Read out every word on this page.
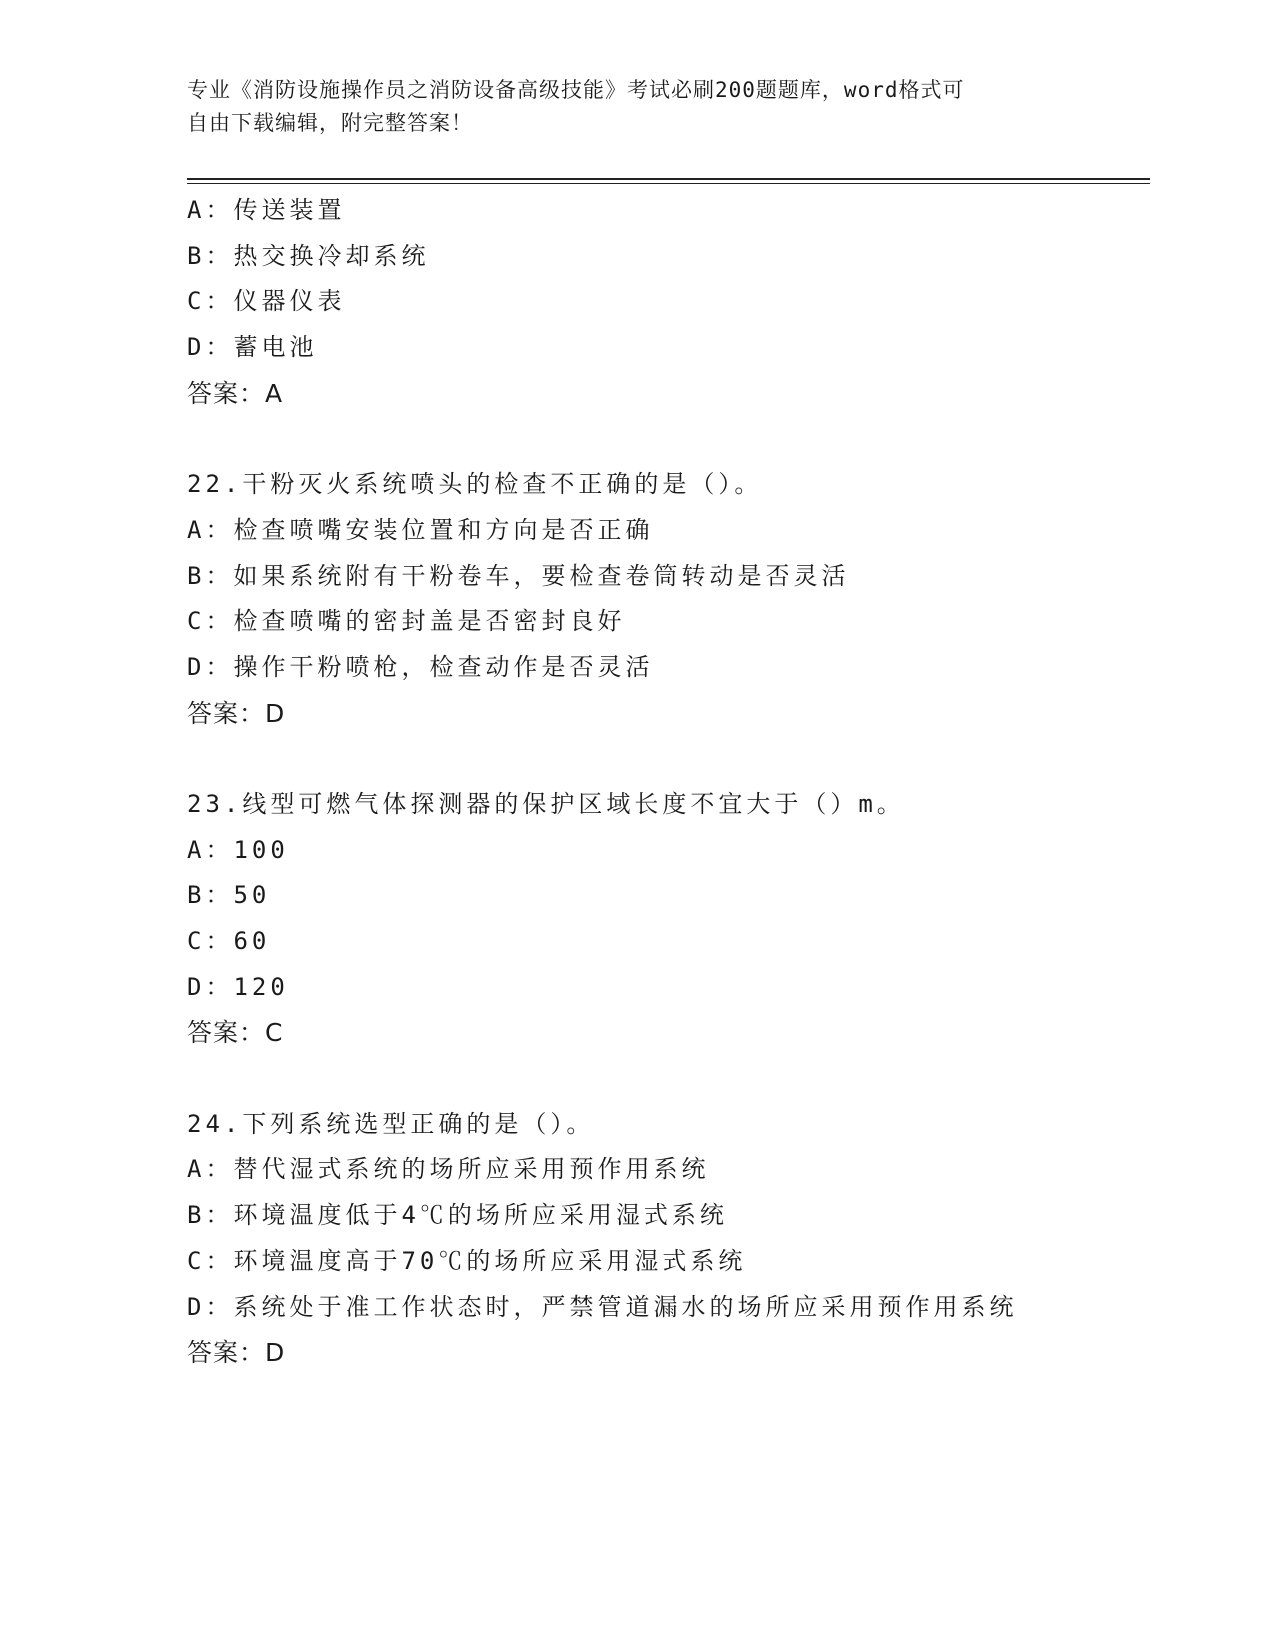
专业《消防设施操作员之消防设备高级技能》考试必刷200题题库，word格式可
自由下载编辑，附完整答案！
A：传送装置
B：热交换冷却系统
C：仪器仪表
D：蓄电池
答案：A
22.干粉灭火系统喷头的检查不正确的是（）。
A：检查喷嘴安装位置和方向是否正确
B：如果系统附有干粉卷车，要检查卷筒转动是否灵活
C：检查喷嘴的密封盖是否密封良好
D：操作干粉喷枪，检查动作是否灵活
答案：D
23.线型可燃气体探测器的保护区域长度不宜大于（）m。
A：100
B：50
C：60
D：120
答案：C
24.下列系统选型正确的是（）。
A：替代湿式系统的场所应采用预作用系统
B：环境温度低于4℃的场所应采用湿式系统
C：环境温度高于70℃的场所应采用湿式系统
D：系统处于准工作状态时，严禁管道漏水的场所应采用预作用系统
答案：D
